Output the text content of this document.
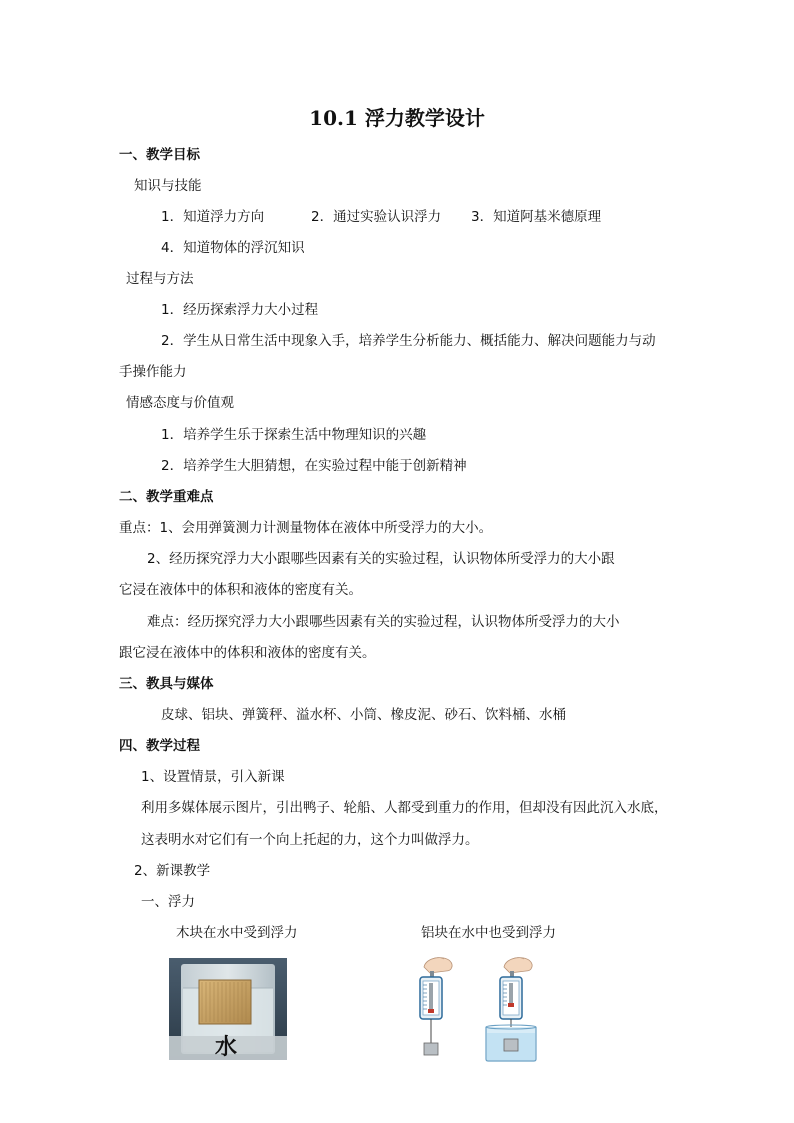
10.1 浮力教学设计
一、教学目标
知识与技能
1．知道浮力方向	2．通过实验认识浮力 3．知道阿基米德原理
4．知道物体的浮沉知识
过程与方法
1．经历探索浮力大小过程
2．学生从日常生活中现象入手，培养学生分析能力、概括能力、解决问题能力与动
手操作能力
情感态度与价值观
1．培养学生乐于探索生活中物理知识的兴趣
2．培养学生大胆猜想，在实验过程中能于创新精神
二、教学重难点
重点：1、会用弹簧测力计测量物体在液体中所受浮力的大小。
2、经历探究浮力大小跟哪些因素有关的实验过程，认识物体所受浮力的大小跟
它浸在液体中的体积和液体的密度有关。
难点：经历探究浮力大小跟哪些因素有关的实验过程，认识物体所受浮力的大小
跟它浸在液体中的体积和液体的密度有关。
三、教具与媒体
皮球、铝块、弹簧秤、溢水杯、小筒、橡皮泥、砂石、饮料桶、水桶
四、教学过程
1、设置情景，引入新课
利用多媒体展示图片，引出鸭子、轮船、人都受到重力的作用，但却没有因此沉入水底，
这表明水对它们有一个向上托起的力，这个力叫做浮力。
2、新课教学
一、浮力
木块在水中受到浮力	铝块在水中也受到浮力
水
